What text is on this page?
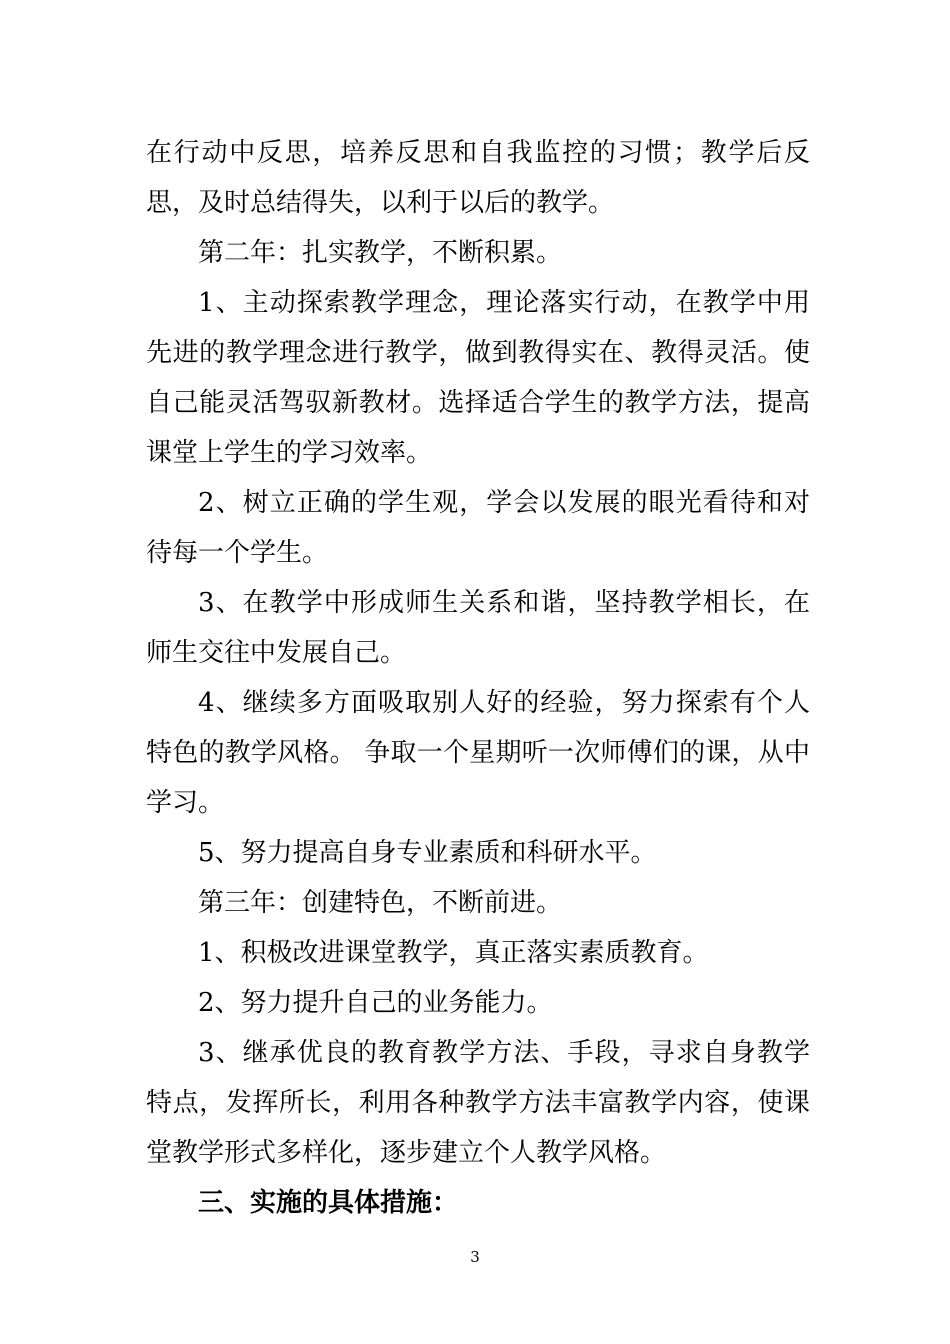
在行动中反思，培养反思和自我监控的习惯；教学后反思，及时总结得失，以利于以后的教学。

第二年：扎实教学，不断积累。

1、主动探索教学理念，理论落实行动，在教学中用先进的教学理念进行教学，做到教得实在、教得灵活。使自己能灵活驾驭新教材。选择适合学生的教学方法，提高课堂上学生的学习效率。

2、树立正确的学生观，学会以发展的眼光看待和对待每一个学生。

3、在教学中形成师生关系和谐，坚持教学相长，在师生交往中发展自己。

4、继续多方面吸取别人好的经验，努力探索有个人特色的教学风格。 争取一个星期听一次师傅们的课，从中学习。

5、努力提高自身专业素质和科研水平。

第三年：创建特色，不断前进。

1、积极改进课堂教学，真正落实素质教育。

2、努力提升自己的业务能力。

3、继承优良的教育教学方法、手段，寻求自身教学特点，发挥所长，利用各种教学方法丰富教学内容，使课堂教学形式多样化，逐步建立个人教学风格。

三、实施的具体措施：

3
